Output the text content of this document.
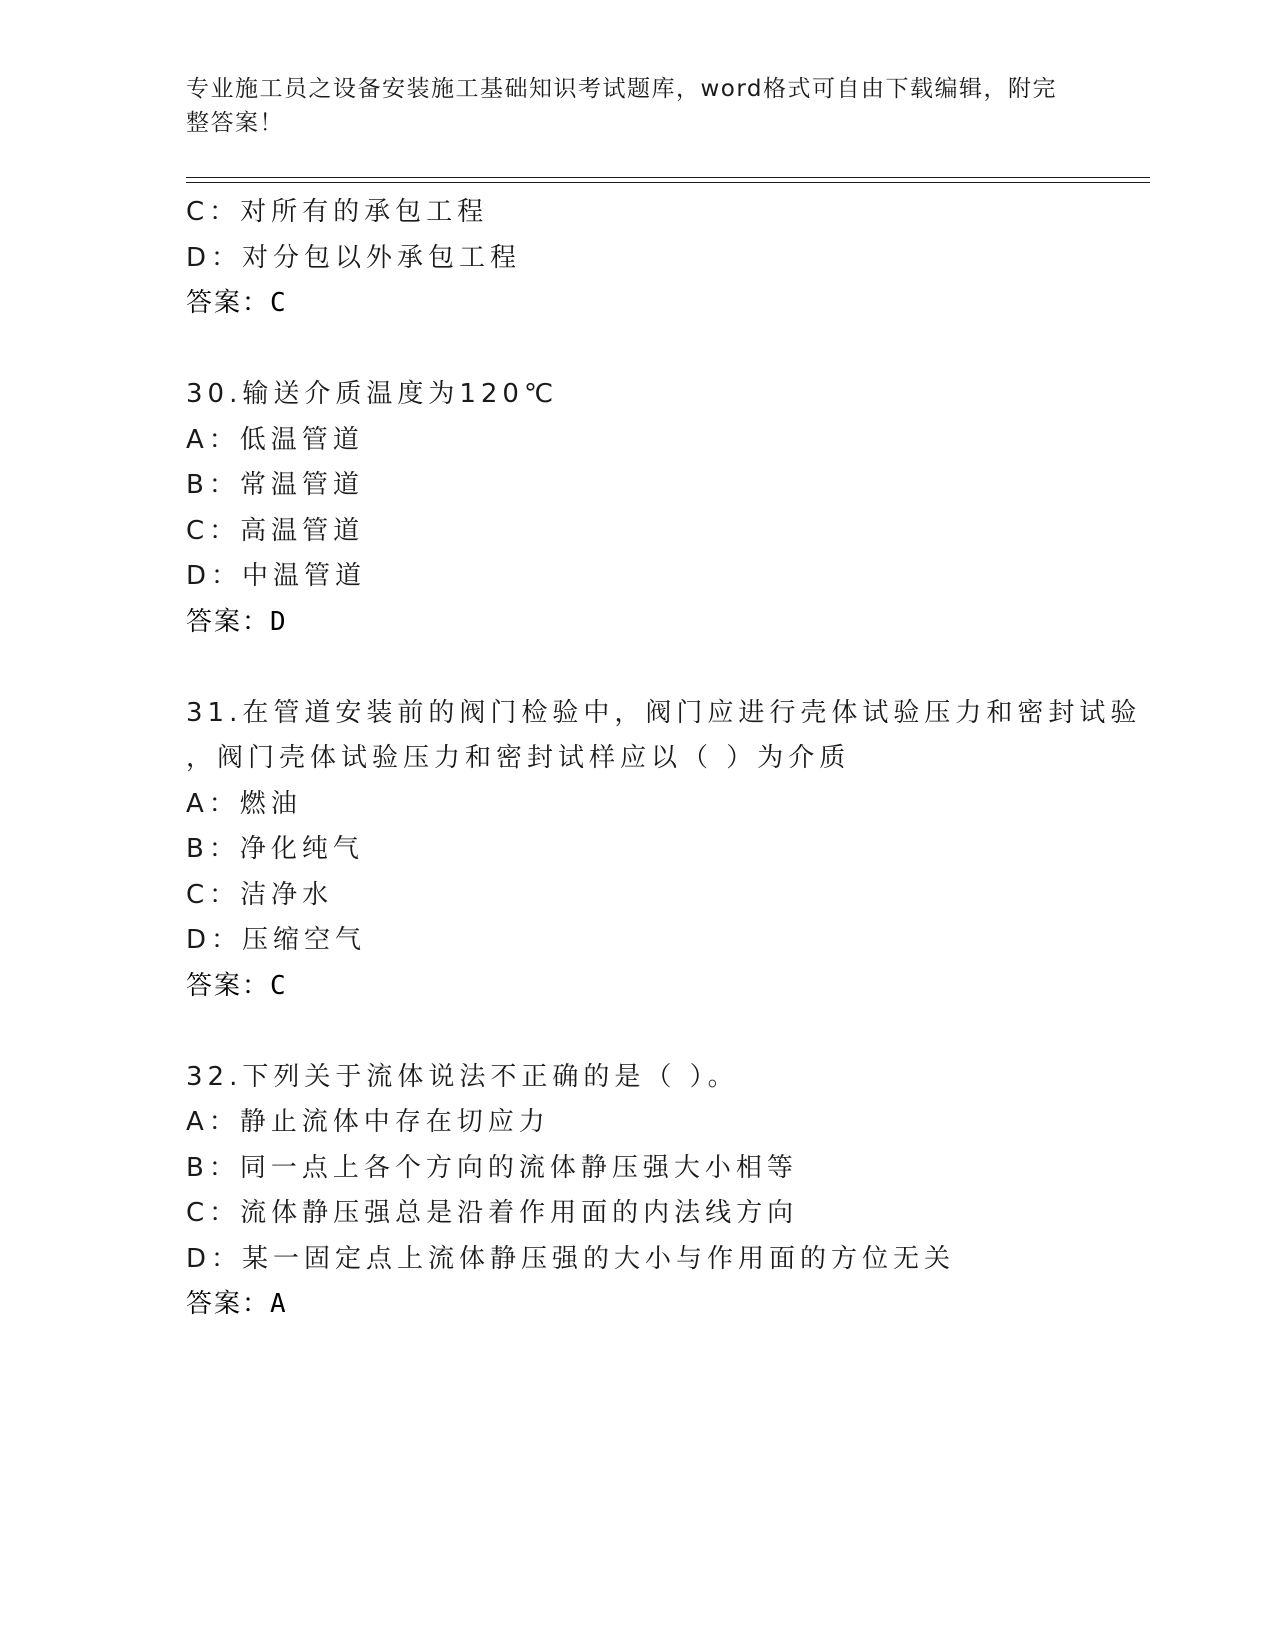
专业施工员之设备安装施工基础知识考试题库，word格式可自由下载编辑，附完
整答案！
C：对所有的承包工程
D：对分包以外承包工程
答案：C
30.输送介质温度为120℃
A：低温管道
B：常温管道
C：高温管道
D：中温管道
答案：D
31.在管道安装前的阀门检验中，阀门应进行壳体试验压力和密封试验
，阀门壳体试验压力和密封试样应以（ ）为介质
A：燃油
B：净化纯气
C：洁净水
D：压缩空气
答案：C
32.下列关于流体说法不正确的是（ ）。
A：静止流体中存在切应力
B：同一点上各个方向的流体静压强大小相等
C：流体静压强总是沿着作用面的内法线方向
D：某一固定点上流体静压强的大小与作用面的方位无关
答案：A
